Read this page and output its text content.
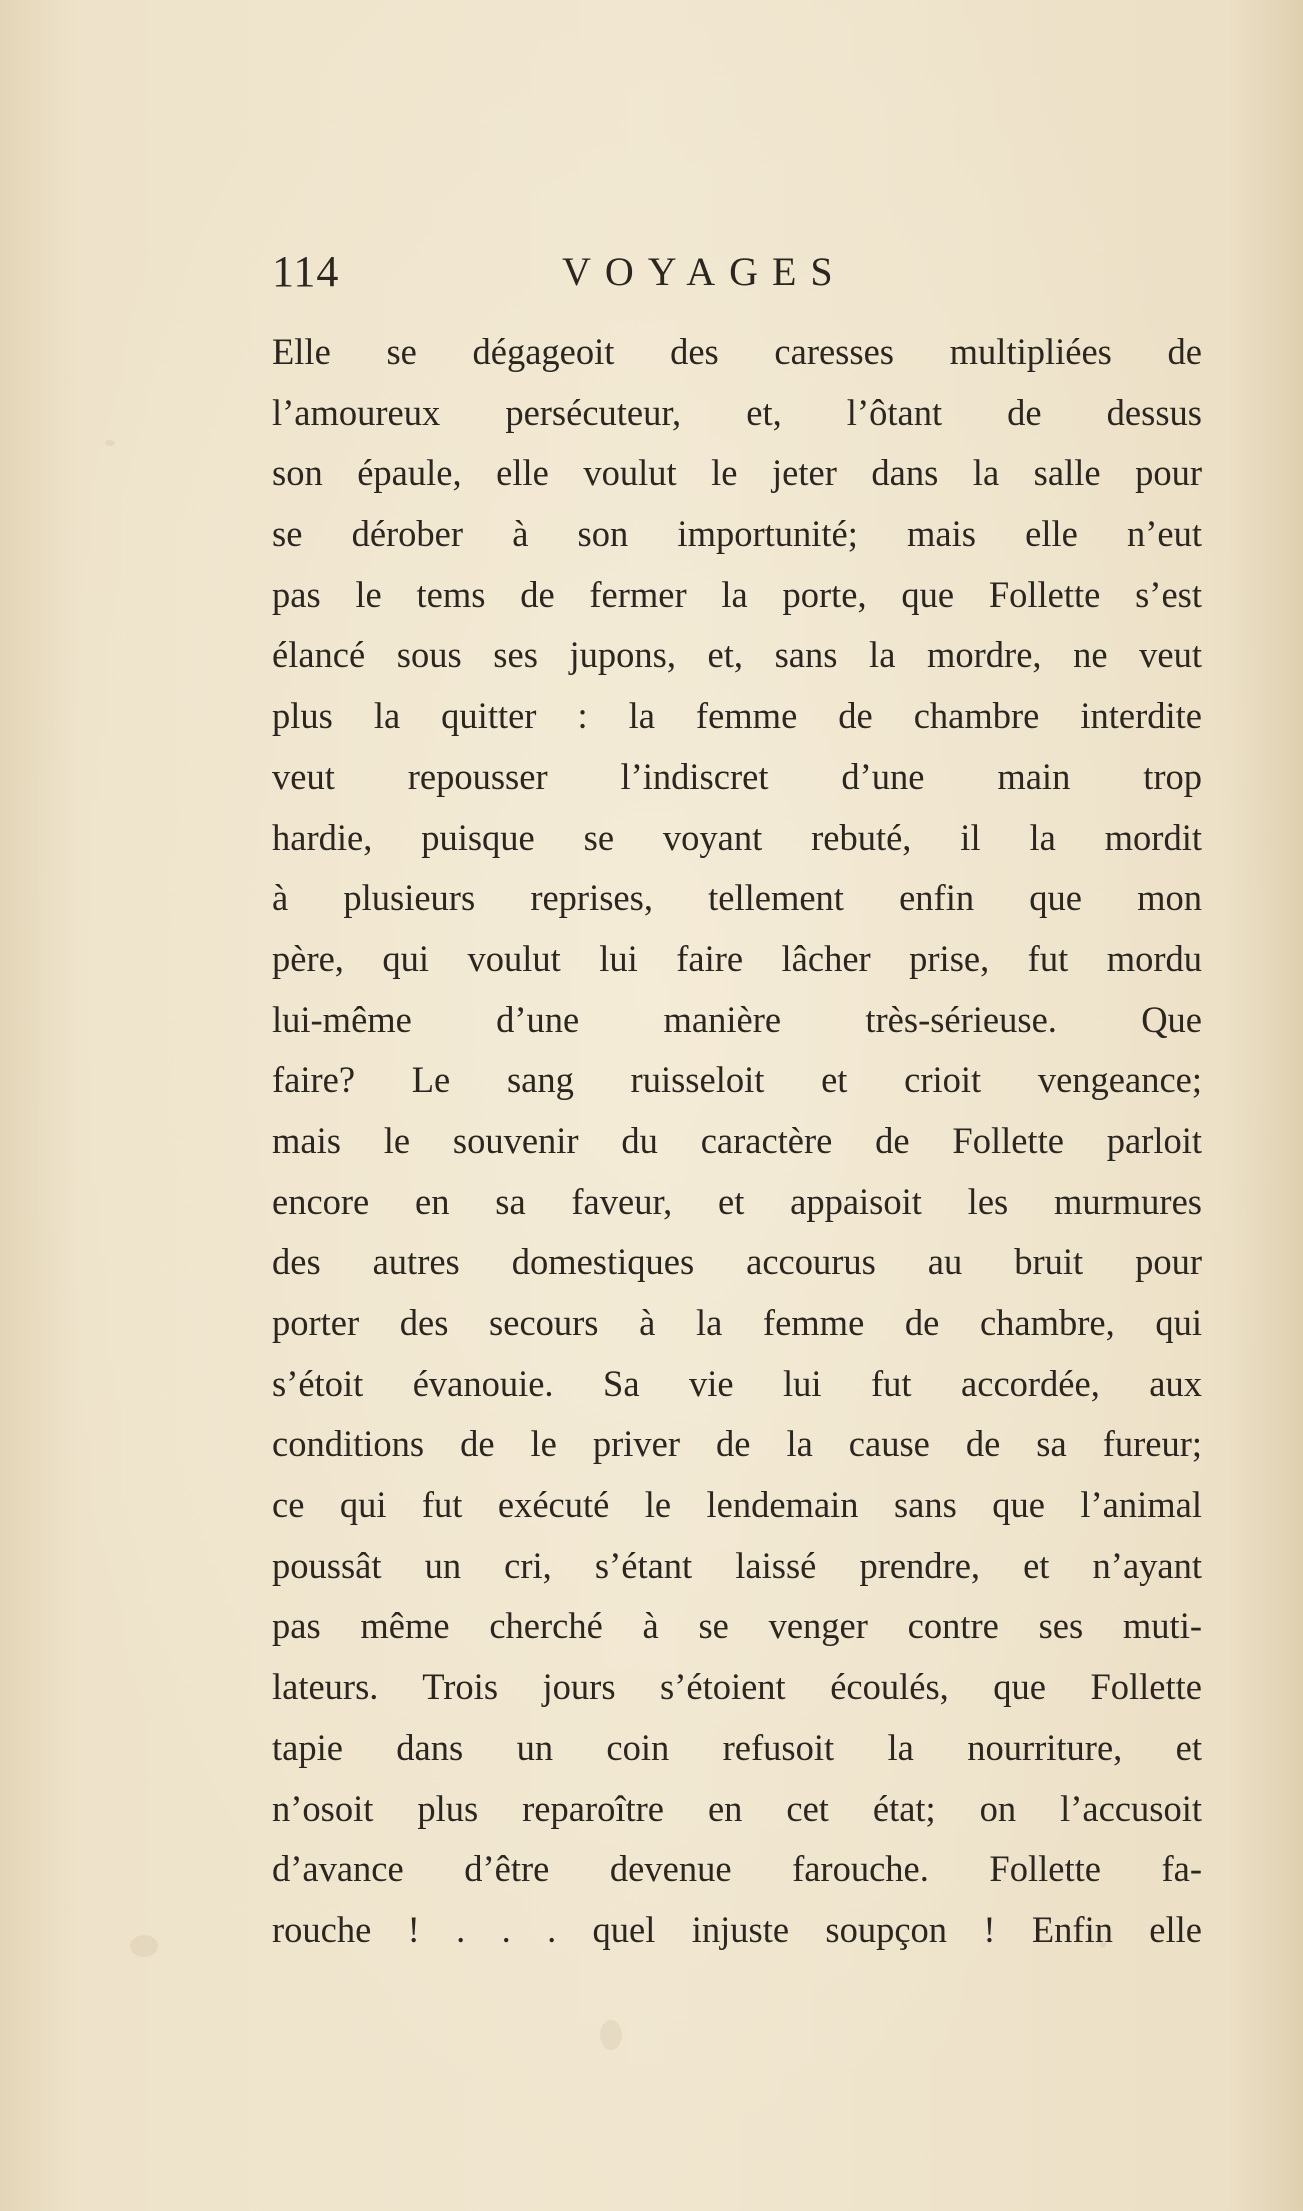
114	VOYAGES
Elle se dégageoit des caresses multipliées de
l’amoureux persécuteur, et, l’ôtant de dessus
son épaule, elle voulut le jeter dans la salle pour
se dérober à son importunité; mais elle n’eut
pas le tems de fermer la porte, que Follette s’est
élancé sous ses jupons, et, sans la mordre, ne veut
plus la quitter : la femme de chambre interdite
veut repousser l’indiscret d’une main trop
hardie, puisque se voyant rebuté, il la mordit
à plusieurs reprises, tellement enfin que mon
père, qui voulut lui faire lâcher prise, fut mordu
lui-même d’une manière très-sérieuse. Que
faire? Le sang ruisseloit et crioit vengeance;
mais le souvenir du caractère de Follette parloit
encore en sa faveur, et appaisoit les murmures
des autres domestiques accourus au bruit pour
porter des secours à la femme de chambre, qui
s’étoit évanouie. Sa vie lui fut accordée, aux
conditions de le priver de la cause de sa fureur;
ce qui fut exécuté le lendemain sans que l’animal
poussât un cri, s’étant laissé prendre, et n’ayant
pas même cherché à se venger contre ses muti-
lateurs. Trois jours s’étoient écoulés, que Follette
tapie dans un coin refusoit la nourriture, et
n’osoit plus reparoître en cet état; on l’accusoit
d’avance d’être devenue farouche. Follette fa-
rouche ! . . . quel injuste soupçon ! Enfin elle
